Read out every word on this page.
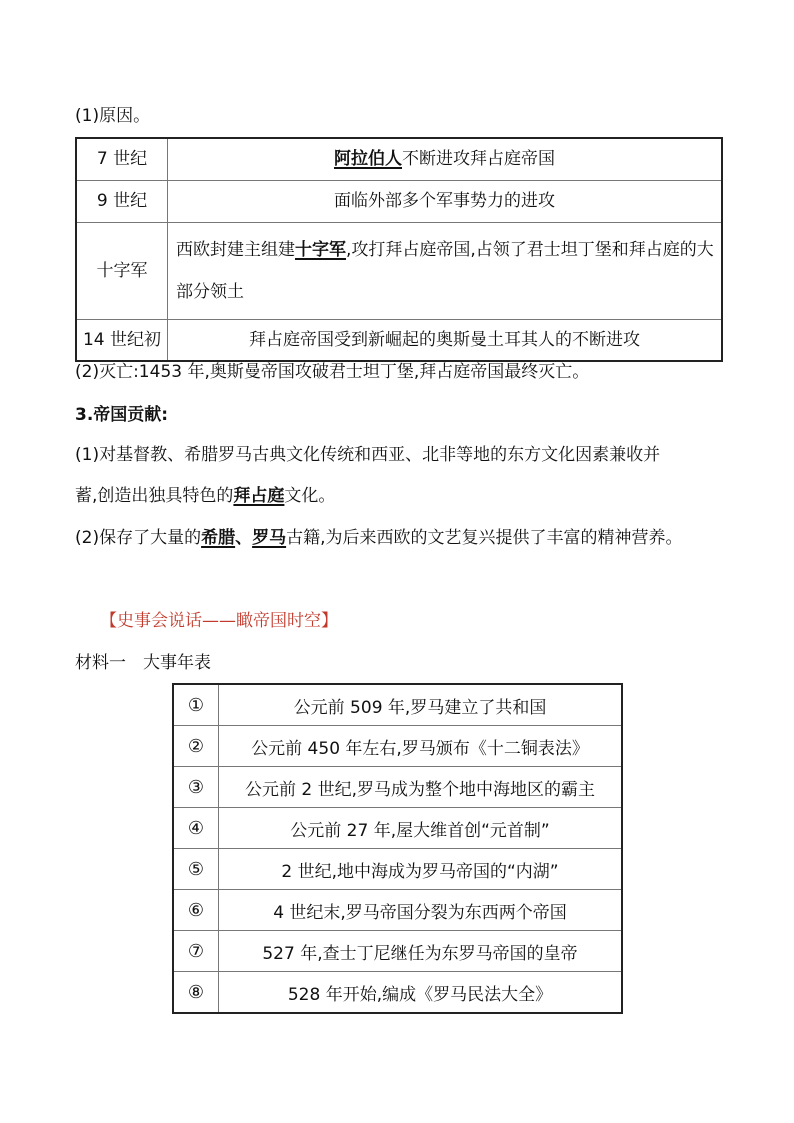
(1)原因。
7 世纪	阿拉伯人不断进攻拜占庭帝国
9 世纪	面临外部多个军事势力的进攻
十字军	西欧封建主组建十字军,攻打拜占庭帝国,占领了君士坦丁堡和拜占庭的大部分领土
14 世纪初	拜占庭帝国受到新崛起的奥斯曼土耳其人的不断进攻
(2)灭亡:1453 年,奥斯曼帝国攻破君士坦丁堡,拜占庭帝国最终灭亡。
3.帝国贡献:
(1)对基督教、希腊罗马古典文化传统和西亚、北非等地的东方文化因素兼收并
蓄,创造出独具特色的拜占庭文化。
(2)保存了大量的希腊、罗马古籍,为后来西欧的文艺复兴提供了丰富的精神营养。
【史事会说话——瞰帝国时空】
材料一　大事年表
①	公元前 509 年,罗马建立了共和国
②	公元前 450 年左右,罗马颁布《十二铜表法》
③	公元前 2 世纪,罗马成为整个地中海地区的霸主
④	公元前 27 年,屋大维首创“元首制”
⑤	2 世纪,地中海成为罗马帝国的“内湖”
⑥	4 世纪末,罗马帝国分裂为东西两个帝国
⑦	527 年,查士丁尼继任为东罗马帝国的皇帝
⑧	528 年开始,编成《罗马民法大全》
